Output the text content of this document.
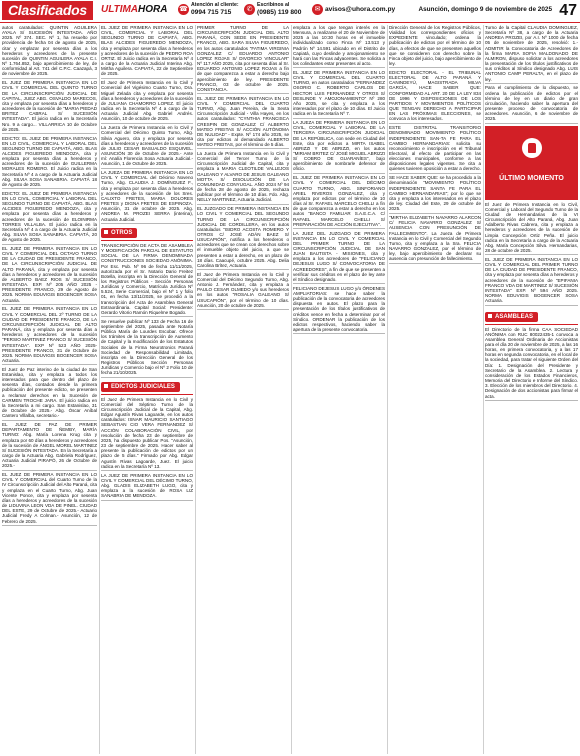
Clasificados	ULTIMAHORA ☎
Atención al cliente:
0994 715 715	✆
Escribinos al
(0985) 119 800	✉ avisos@uhora.com.py	Asunción, domingo 9 de noviembre de 2025 47
autos caratulados: QUINTIN AGUILERA AYALA S/ SUCESIÓN INTESTADA. AÑO 2025. Nº 374. SEC. Nº 1, ha resuelto por providencia de fecha 04 de agosto de 2025, citar y emplazar por sesenta días a los herederos y acreedores de la presente sucesión de QUINTIN AGUILERA AYALA C.I. Nº 1.764.852, bajo apercibimiento de ley, de conformidad al Art. 741 del C.P.C. Caazapá, 3 de noviembre de 2025.
EL JUEZ DE PRIMERA INSTANCIA EN LO CIVIL Y COMERCIAL DEL QUINTO TURNO DE LA CIRCUNSCRIPCIÓN JUDICIAL DE CAPITAL, JUEZ ABG. OSVALDO MARECOS, cita y emplaza por sesenta días a herederos y acreedores de la sucesión de "MARIA PIEDAD BRITEZ CABRAL S/ SUCESIÓN INTESTADA". El juicio radica en la Secretaría Nro. 9 a cargo... VILLARRICA 10 de Octubre de 2025.
EDICTO: EL JUEZ DE PRIMERA INSTANCIA EN LO CIVIL, COMERCIAL Y LABORAL DEL SEGUNDO TURNO DE CAPIATÁ, ABG. BLAS ALCIDES FIGUEREDO MENDOZA, cita y emplaza por sesenta días a herederos y acreedores de la sucesión de GUILLERMA MORALES ROMERO. El Juicio radica en la Secretaría Nº 4 a cargo de la Actuaria Judicial Abg. SILVIA SOSA SANABRIA. CAPIATÁ 18 de Agosto de 2025.
EDICTO: EL JUEZ DE PRIMERA INSTANCIA EN LO CIVIL, COMERCIAL Y LABORAL DEL SEGUNDO TURNO DE CAPIATÁ, ABG. BLAS ALCIDES FIGUEREDO MENDOZA, cita y emplaza por sesenta días a herederos y acreedores de la sucesión de ELOINIRMA TORRES VILLALBA. El juicio radica en la Secretaría Nº 4 a cargo de la Actuaria Judicial Abg. SILVIA SOSA SANABRIA. CAPIATÁ, 20 de Agosto de 2025.
EL JUEZ DE PRIMERA INSTANCIA EN LO CIVIL Y COMERCIAL DEL OCTAVO TURNO DE LA CIUDAD DE PRESIDENTE FRANCO, DE LA CIRCUNSCRIPCIÓN JUDICIAL DE ALTO PARANÁ, cita y emplaza por sesenta días a herederos y acreedores de la sucesión de ALBERTO BAEZ RIOS S/ SUCESIÓN INTESTADA. EXP. Nº 205 AÑO 2025 - PRESIDENTE FRANCO, 29 de Agosto de 2025. NORMA EDUVIGIS BOGENCER SOSA Actuaria.
EL JUEZ DE PRIMERA INSTANCIA EN LO CIVIL Y COMERCIAL DEL 2º TURNO DE LA CIUDAD DE PRESIDENTE FRANCO, DE LA CIRCUNSCRIPCIÓN JUDICIAL DE ALTO PARANÁ, cita y emplaza por sesenta días a herederos y acreedores de la sucesión "PERSIO MARTINEZ FRANCO S/ SUCESIÓN INTESTADA". EXP Nº 523 AÑO 2025-PRESIDENTE FRANCO, 31 de Octubre de 2025. NORMA EDUVIGIS BOGENCER SOSA Actuaria.
El Juez de Paz interino de la ciudad de San Estanislao, cita y emplaza a todos los interesados para que dentro del plazo de sesenta días, contados desde la primera publicación del presente edicto, se presenten a reclamar derechos en la Sucesión de CARMEN TROCHE JARA. El juicio radica en la Secretaría a mi cargo. San Estanislao, 31 de Octubre de 2025.- Abg. Óscar Aníbal Cantero Villalba, secretario.-
EL JUEZ DE PAZ DE PRIMER DEPARTAMENTO DE ÑEMBY, MARÍA TURNO: Abg. María Lorena Krug cita y emplaza por 60 días a herederos y acreedores de la sucesión de ÁNGEL MOREL MARTINEZ S/ SUCESIÓN INTESTADA. En la Secretaría a cargo de la Actuaria Abg. Gabriela Rodríguez, Actuaria Judicial PIRAPÓ, 26 de Octubre de 2025.-
EL JUEZ DE PRIMERA INSTANCIA EN LO CIVIL Y COMERCIAL del Cuarto Turno de la IV Circunscripción Judicial del Alto Paraná, cita y emplaza en el Cuarto Turno, Abg. Juan Vicente Ponce, cita y emplaza por sesenta días a herederos y acreedores de la sucesión de LIDUVINA LEON VDA DE PINEL. CIUDAD DEL ESTE, 29 de Octubre de 2025.- Actuario Judicial Fredy A Colman.- Asunción, 12 de Febrero de 2025.
EL JUEZ DE PRIMERA INSTANCIA EN LO CIVIL, COMERCIAL Y LABORAL DEL SEGUNDO TURNO DE CAPIATÁ, ABG. BLAS ALCIDES FIGUEREDO MENDOZA, cita y emplaza por sesenta días a herederos y acreedores de la sucesión de PEDRO ROA ORTIZ. El Juicio radica en la Secretaría Nº 4 a cargo de la Actuaria Judicial Interina Abg. Mirtha Aguilera. CAPIATÁ, 22 de Septiembre de 2025.
El Juez de Primera Instancia en lo Civil y Comercial del Vigésimo Cuarto Turno, Dra. Miguel Zelada cita y emplaza por sesenta días a herederos y acreedores de la sucesión de JULIANA CHAMORRO LOPEZ. El juicio radica en la Secretaría Nº 4 a cargo de la Actuaria Judicial Abg. Gabriel Andrés. Asunción, 10 de octubre de 2025.
La Jueza de Primera Instancia en lo Civil y Comercial del Décimo Quinto Turno, Abg. Silvia Aguero, cita y emplaza por sesenta días a herederos y acreedores de la sucesión de JULIO CESAR BASUALDO ESQUIVEL. ASUNCIÓN 30 de Octubre de 2025.- Ante mí: Analía Florencia Sosa Actuaria Judicial.- Asunción, 1 de Octubre de 2025.
LA JUEZA DE PRIMERA INSTANCIA EN LO CIVIL Y COMERCIAL del Décimo Noveno Turno, Abg. CLAUDIA J. DOMÍNGUEZ F., cita y emplaza por sesenta días a herederos y acreedores de la sucesión de los Sres. CALIXTO FRETES, MARIA DOLORES FRETES y DIGNA FRETES DE ESPINOZA. Asunción, 31 de octubre de 2025. Abg. ANDREA M. PROZEI SERRA (interina), Actuaria Judicial.
OTROS
TRANSCRIPCIÓN DE ACTA DE ASAMBLEA Y MODIFICACIÓN PARCIAL DE ESTATUTO SOCIAL DE LA FIRMA DENOMINADA CONSTRUCCIONES SOCIEDAD ANÓNIMA. Por Esc. Pub. Nº 96 de fecha 11/11/2025, autorizada por el Sr. Notario Dario Freitez Botella, inscripta en la Dirección General de los Registros Públicos - Sección Personas Jurídicas y Comercio, Matrícula Jurídica Nº 5.524, Serie Comercial, bajo el Nº 1 y folio 01, en fecha 13/11/2025, se procedió a la transcripción del Acta de Asamblea General Extraordinaria. Capital Social: Presidente: Gerardo Vitorio Ramón Riquelme Bogado.
Se resuelve publicar Nº 133 de Fecha 16 de septiembre del 2025, pasada ante Notaría Pública María de Lourdes Escobar. Ofrece los trámites de la transcripción de Aumento de Capital y la modificación de los Estatutos Sociales de la Firma Neurotronics Paraná Sociedad de Responsabilidad Limitada, inscripta en la Dirección General de los Registros Públicos Sección Personas Jurídicas y Comercio bajo el Nº 2 Folio 10 de fecha 21/10/2025.
EDICTOS JUDICIALES
El Juez de Primera Instancia en lo Civil y Comercial del Séptimo Turno de la Circunscripción Judicial de la Capital, Abg. Edgar Agustín Rivas Lagoarde, en los autos caratulados: ISNAR MAURICIO SANTIAGO SEBASTIAN CIO VERA FERNANDEZ S/ ACCIÓN COLABORACIÓN CIVIL, por resolución de fecha 23 de septiembre de 2025, ha dispuesto publicar Pos. "Asunción, 23 de septiembre de 2025. Hacer saber al presente la publicación de edictos por un plazo de 5 días." Firmado por Abg. Edgar Agustín Rivas Lagoarde, Juez. El juicio radica en la Secretaría Nº 13.
LA JUEZ DE PRIMERA INSTANCIA EN LO CIVIL Y COMERCIAL DEL DÉCIMO TURNO, Abg. GLADIS ELIZABETH LUGO, cita y emplaza a la sucesión de ROSA LIZ SANABRIA DE MENDOZA.
PRIMER TURNO DE LA CIRCUNSCRIPCIÓN JUDICIAL DEL ALTO PARANÁ, CON SEDE EN PRESIDENTE FRANCO, ABG. SARA SILVIA FIGUEREDO, en los autos caratulados "FATIMA VIRGINIA GONZALEZ C/ EDUARDO ANTONIO LOPEZ ROJAS S/ DIVORCIO VINCULAR" Nº 117 AÑO 2025, cita por sesenta días al Sr. EDUARDO ANTONIO LOPEZ ROJAS a fin de que comparezca a estar a derecho bajo apercibimiento de ley. PRESIDENTE FRANCO, 03 de octubre de 2025. CONSTANCIA.
EL JUEZ DE PRIMERA INSTANCIA EN LO CIVIL Y COMERCIAL DEL CUARTO TURNO, Abg. Juan Pereira, de la Sexta Circunscripción Judicial - Villa Hayes, en los autos caratulados: "CYNTHIA FRANCISCA CRESPIN DE GONZALEZ C/ ALBERTO MATEO FREITAS S/ ACCIÓN AUTÓNOMA DE NULIDAD" - Expte. Nº 174 año 2025, se cita por edictos al demandado ALBERTO MATEO FREITAS, por el término de 5 días.
La Jueza de Primera Instancia en lo Civil y Comercial del Tercer Turno de la Circunscripción Judicial de Capital, cita y emplaza a MARIA CLEOTILDE VALLEJOS GALEANO Y ALVARO DE JESUS GALEANO MOTTA S/ DISOLUCIÓN DE LA COMUNIDAD CONYUGAL. AÑO 2024 Nº 94 de fecha 28 de agosto de 2025, rechaza publicar por el término de 10 días. Fdo. Abg. NELLY MARTINEZ, Actuaria Judicial.
EL JUZGADO DE PRIMERA INSTANCIA EN LO CIVIL Y COMERCIAL DEL SEGUNDO TURNO DE LA CIRCUNSCRIPCIÓN JUDICIAL DE CORDILLERA, en los autos caratulados "ISIDRO ACOSTA ROMERO Y OTROS C/ JOSÉ ADÁN BAEZ S/ USUCAPIÓN", notifica a los herederos o acreedores que se crean con derechos sobre el inmueble objeto del juicio, a que se presenten a estar a derecho, en un plazo de 18 días. Caacupé, octubre 2025. Abg. Delia Carolina Brítez, Actuaria.
El Juez de Primera Instancia en lo Civil y Comercial del Décimo Segundo Turno, Abg. Antonio J. Fernández, cita y emplaza a PAULO CESAR OLMEDO y/o sus herederos en los autos "ROSALIA GALEANO S/ USUCAPIÓN", por el término de 10 días. Asunción, 20 de octubre de 2025.
emplaza a los que tengan interés en la Mensura, a realizarse el 20 de Noviembre de 2025 a las 10:30 horas en el inmueble individualizado como Finca Nº 13.513 y Padrón Nº 14.591 ubicado en el Distrito de Capiatá, cuyo deslinde y amojonamiento se hará con las Fincas adyacentes. Se solicita a los colindantes estar presentes al acto.
EL JUEZ DE PRIMERA INSTANCIA EN LO CIVIL Y COMERCIAL DEL CUARTO TURNO, en autos caratulados "FERNANDEZ OSORIO C. ROBERTO CARLOS DE HECTOR LUIS FERNANDEZ Y OTROS S/ DESLINDE Y AMOJONAMIENTO" Nº 280 Año 2025, se cita y emplaza a los interesados por el plazo de 10 días. El Juicio radica en la Secretaría Nº 7.
LA JUEZA DE PRIMERA INSTANCIA EN LO CIVIL, COMERCIAL Y LABORAL DE LA TERCERA CIRCUNSCRIPCIÓN JUDICIAL DE LA REPÚBLICA, con sede en Ciudad del Este, cita por edictos a MIRTA ISABEL ABRIZZI Y DE ABRIZZI, en los autos "MIRIAM BRITEZ C/ JOSÉ MIGUEL ABRIZZI S/ COBRO DE GUARANÍES", bajo apercibimiento de nombrarle defensor de oficio.
EL JUEZ DE PRIMERA INSTANCIA EN LO CIVIL Y COMERCIAL DEL DÉCIMO CUARTO TURNO, ABG. SINFORIANO ARIEL RIVEROS GONZALEZ, cita y emplaza por edictos por el término de 10 días al Sr. RAFAEL MARCELO CHELLI a fin de que comparezca a estar a derecho en los autos "BANCO FAMILIAR S.A.E.C.A. C/ RAFAEL MARCELO CHELLI S/ PREPARACIÓN DE ACCIÓN EJECUTIVA".
LA JUEZ DEL JUZGADO DE PRIMERA INSTANCIA EN LO CIVIL Y COMERCIAL DEL PRIMER TURNO DE LA CIRCUNSCRIPCIÓN JUDICIAL DE SAN JUAN BAUTISTA - MISIONES, cita y emplaza a los acreedores de "FELICIANO DEJESUS LUGO S/ CONVOCATORIA DE ACREEDORES", a fin de que se presenten a verificar sus créditos en el plazo de ley ante el Síndico designado.
FELICIANO DEJESUS LUGO y/o ÓRDENES AMPLIATORIAS: se hace saber la publicación de la convocatoria de acreedores dispuesta en autos. El plazo para la presentación de los títulos justificativos de créditos vence en fecha a determinar por el Síndico. ORDENAR la publicación de los edictos respectivos, haciendo saber la apertura de la presente convocatoria.
Dirección General de los Registros Públicos, Vialidad los correspondientes oficios y EXPEDIENTE vinculado; ordena la publicación de edictos por el término de 10 días, a efectos de que se presenten aquellos que se consideren con derecho sobre la Finca objeto del juicio, bajo apercibimiento de ley.
EDICTO ELECTORAL - EL TRIBUNAL ELECTORAL DE ALTO PARANÁ Y CANINDEYÚ, MAGISTRADA MILVA GARCÍA, HACE SABER QUE: CONFORMIDAD AL ART. 20 DE LA LEY 834 DE 1996 Y DISPOSICIONES DE LOS PARTIDOS Y MOVIMIENTOS POLÍTICOS QUE TENGAN DERECHO A PARTICIPAR EN LAS PRÓXIMAS ELECCIONES, se convoca a los interesados.
ESTE DISTRITAL TRANSITORIO DENOMINADO MOVIMIENTO POLÍTICO INDEPENDIENTE SAN-TA FE PARA EL CAMBIO HERNANDARIAS: solicita su reconocimiento e inscripción en el Tribunal Electoral, al efecto de participar en las elecciones municipales, conforme a las disposiciones legales vigentes. Se cita a quienes tuvieren oposición a estar a derecho.
SE HACE SABER QUE: se ha procedido a la denominación "MOVIMIENTO POLÍTICO INDEPENDIENTE SANTA FE PARA EL CAMBIO HERNANDARIAS"; por lo que se cita y emplaza a los interesados en el plazo de ley. Ciudad del Este, 29 de octubre de 2025.
"MIRTHA ELIZABETH NAVARRO ALARCON C/ FELICIA NAVARRO GONZALEZ S/ AUSENCIA CON PRESUNCIÓN DE FALLECIMIENTO". La Jueza de Primera Instancia en lo Civil y Comercial del Segundo Turno, cita y emplaza a la Sra. FELICIA NAVARRO GONZALEZ, por el término de ley, bajo apercibimiento de declarar su ausencia con presunción de fallecimiento.
Turno de la Capital CLAUDIA DOMINGUEZ, Secretaría Nº 38, a cargo de la Actuaria ANDREA PROZEI, por A.I. Nº 1000 de fecha 05 de noviembre de 2025, resolvió: 1.- ADMITIR la Convocatoria de Acreedores de la firma MARIA SOFIA MALDONADO DE ALMIRON, dispuso solicitar a los acreedores la presentación de los títulos justificativos de sus créditos al Síndico designado Abg. LUIS ANTONIO CAMP PERALTA, en el plazo de ley.
Para el cumplimiento de lo dispuesto, se ordena la publicación de edictos por el término de ley en un diario de gran circulación, haciendo saber la apertura del presente proceso de convocatoria de acreedores. Asunción, 6 de noviembre de 2025.
ÚLTIMO MOMENTO
El Juez de Primera Instancia en lo Civil, Comercial y Laboral del Segundo Turno de la Ciudad de Hernandarias de la VI Circunscripción del Alto Paraná, Abg. Juan Adalberto Rivas Cabrera, cita y emplaza a herederos y acreedores de la sucesión de Limpia Concepción Ortiz Peña. El juicio radica en la Secretaría a cargo de la Actuaria Abg. María Concepción Silva. Hernandarias, 28 de octubre de 2025.
EL JUEZ DE PRIMERA INSTANCIA EN LO CIVIL Y COMERCIAL DEL PRIMER TURNO DE LA CIUDAD DE PRESIDENTE FRANCO, cita y emplaza por sesenta días a herederos y acreedores de la sucesión de "EPIFANIA FRANCO VDA DE MARTINEZ S/ SUCESIÓN INTESTADA" EXP. Nº 594 AÑO 2025. NORMA EDUVIGIS BOGENCER SOSA Actuaria.
ASAMBLEAS
El Directorio de la firma CAA SOCIEDAD ANÓNIMA con RUC 80022435-1 convoca a Asamblea General Ordinaria de Accionistas para el día 20 de noviembre de 2025, a las 16 horas, en primera convocatoria, y a las 17 horas en segunda convocatoria, en el local de la sociedad, para tratar el siguiente Orden del Día: 1. Designación del Presidente y Secretario de la Asamblea. 2. Lectura y consideración de los Estados Financieros, Memoria del Directorio e Informe del Síndico. 3. Elección de los miembros del Directorio. 4. Designación de dos accionistas para firmar el acta.
